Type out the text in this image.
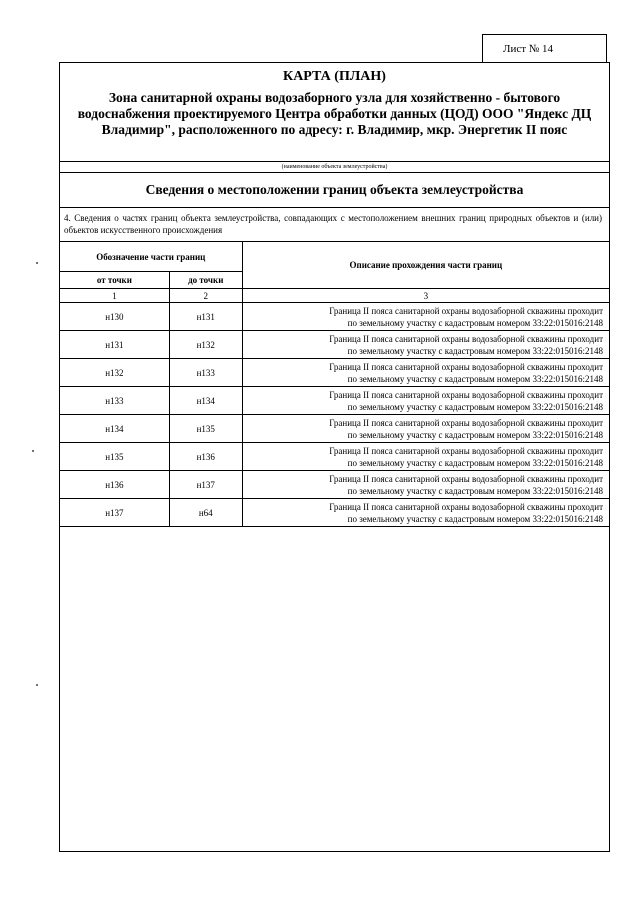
Лист № 14
КАРТА (ПЛАН)
Зона санитарной охраны водозаборного узла для хозяйственно - бытового водоснабжения проектируемого Центра обработки данных (ЦОД) ООО "Яндекс ДЦ Владимир", расположенного по адресу: г. Владимир, мкр. Энергетик II пояс
(наименование объекта землеустройства)
Сведения о местоположении границ объекта землеустройства
4. Сведения о частях границ объекта землеустройства, совпадающих с местоположением внешних границ природных объектов и (или) объектов искусственного происхождения
Обозначение части границ		Описание прохождения части границ
от точки	до точки	
1	2	3
н130	н131	Граница II пояса санитарной охраны водозаборной скважины проходит
по земельному участку с кадастровым номером 33:22:015016:2148

н131	н132	Граница II пояса санитарной охраны водозаборной скважины проходит
по земельному участку с кадастровым номером 33:22:015016:2148

н132	н133	Граница II пояса санитарной охраны водозаборной скважины проходит
по земельному участку с кадастровым номером 33:22:015016:2148

н133	н134	Граница II пояса санитарной охраны водозаборной скважины проходит
по земельному участку с кадастровым номером 33:22:015016:2148

н134	н135	Граница II пояса санитарной охраны водозаборной скважины проходит
по земельному участку с кадастровым номером 33:22:015016:2148

н135	н136	Граница II пояса санитарной охраны водозаборной скважины проходит
по земельному участку с кадастровым номером 33:22:015016:2148

н136	н137	Граница II пояса санитарной охраны водозаборной скважины проходит
по земельному участку с кадастровым номером 33:22:015016:2148

н137	н64	Граница II пояса санитарной охраны водозаборной скважины проходит
по земельному участку с кадастровым номером 33:22:015016:2148
